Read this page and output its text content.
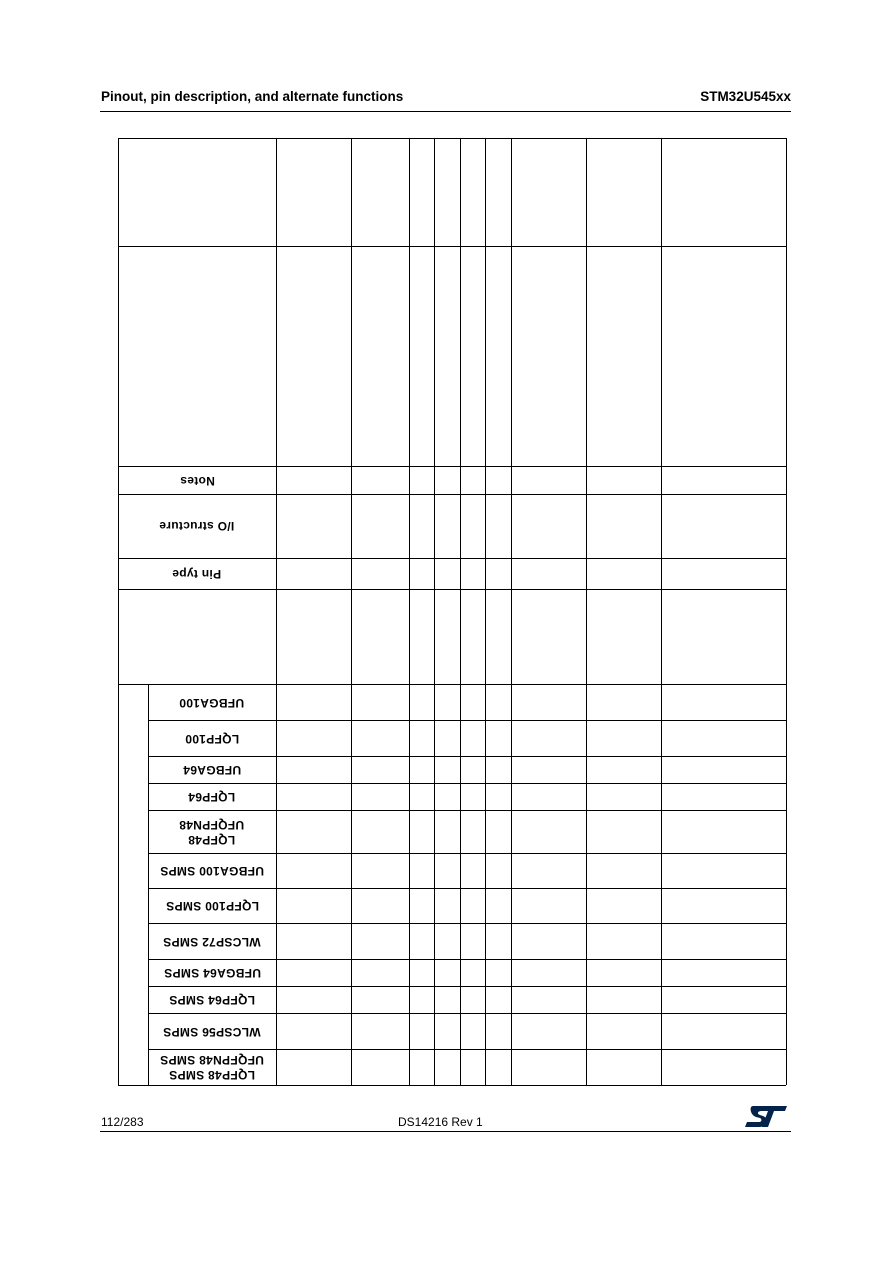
Pinout, pin description, and alternate functions	STM32U545xx
Notes
I/O structure
Pin type
UFBGA100
LQFP100
UFBGA64
LQFP64
LQFP48
UFQFPN48
UFBGA100 SMPS
LQFP100 SMPS
WLCSP72 SMPS
UFBGA64 SMPS
LQFP64 SMPS
WLCSP56 SMPS
LQFP48 SMPS
UFQFPN48 SMPS
112/283	DS14216 Rev 1
